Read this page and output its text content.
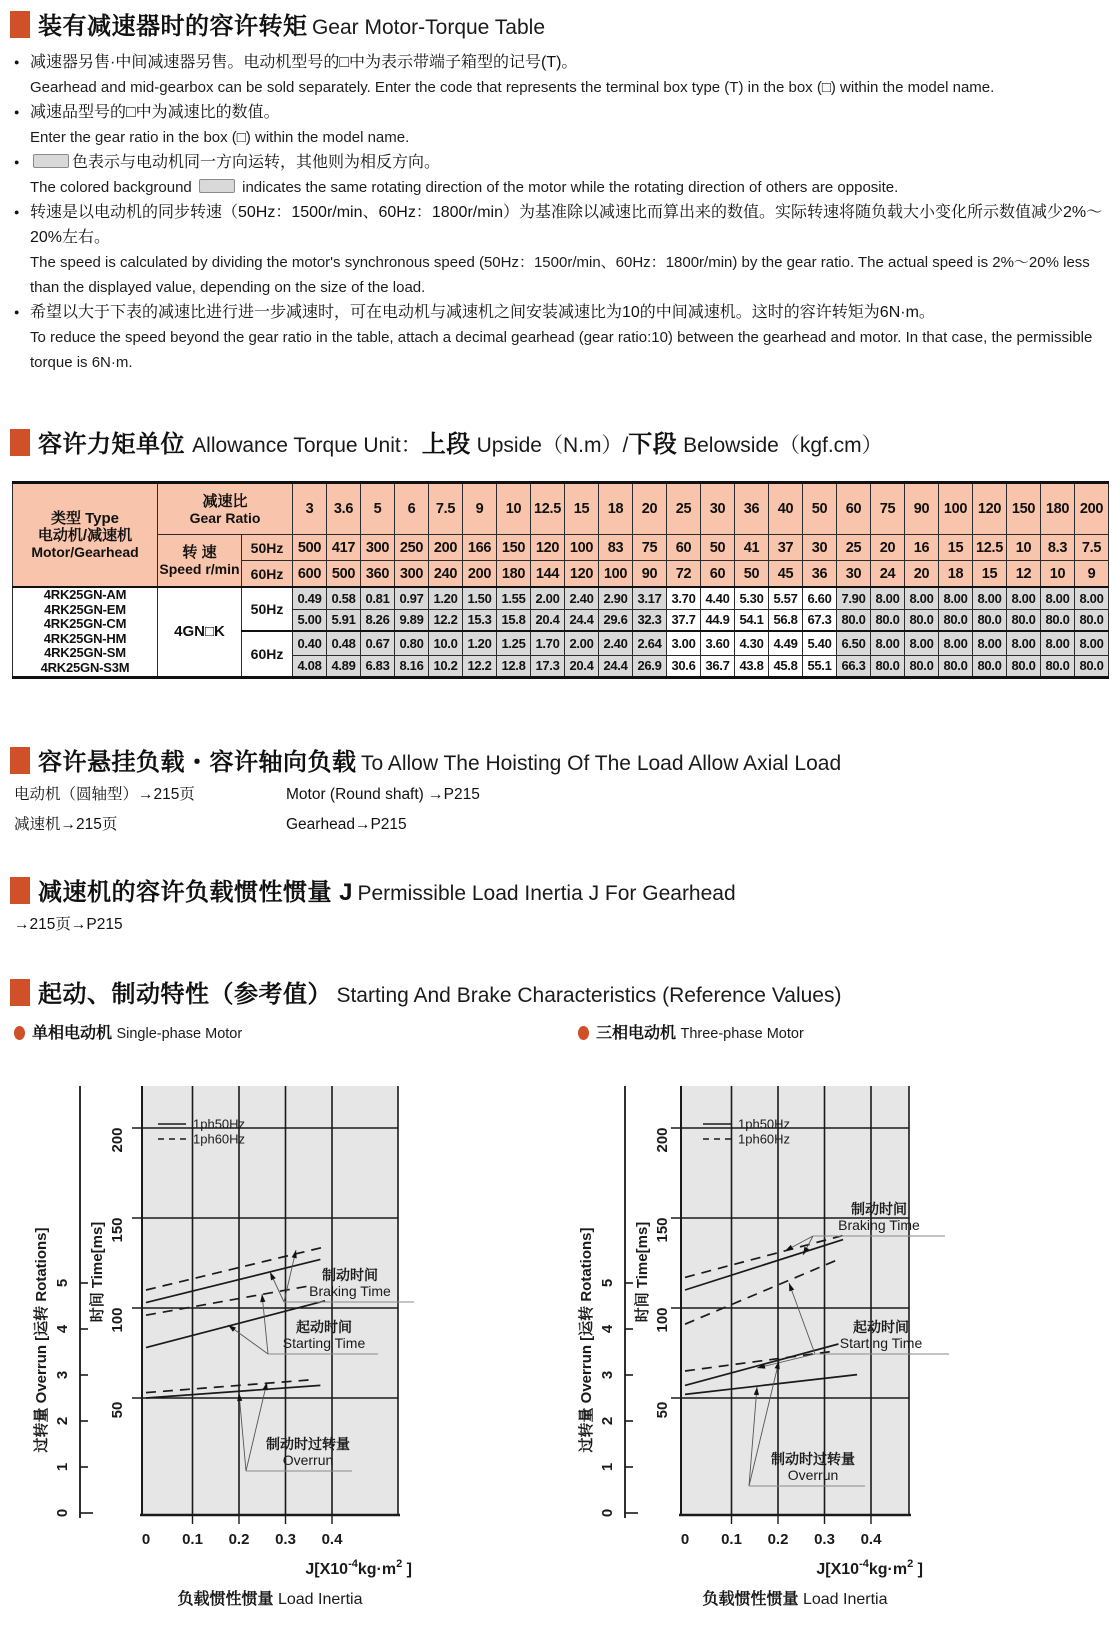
装有减速器时的容许转矩 Gear Motor-Torque Table
● 减速器另售·中间减速器另售。电动机型号的□中为表示带端子箱型的记号(T)。
Gearhead and mid-gearbox can be sold separately. Enter the code that represents the terminal box type (T) in the box (□) within the model name.
● 减速品型号的□中为减速比的数值。
Enter the gear ratio in the box (□) within the model name.
●	色表示与电动机同一方向运转，其他则为相反方向。
The colored background	indicates the same rotating direction of the motor while the rotating direction of others are opposite.
● 转速是以电动机的同步转速（50Hz：1500r/min、60Hz：1800r/min）为基准除以减速比而算出来的数值。实际转速将随负载大小变化所示数值减少2%～20%左右。
The speed is calculated by dividing the motor's synchronous speed (50Hz：1500r/min、60Hz：1800r/min) by the gear ratio. The actual speed is 2%～20% less than the displayed value, depending on the size of the load.
● 希望以大于下表的减速比进行进一步减速时，可在电动机与减速机之间安装减速比为10的中间减速机。这时的容许转矩为6N·m。
To reduce the speed beyond the gear ratio in the table, attach a decimal gearhead (gear ratio:10) between the gearhead and motor. In that case, the permissible torque is 6N·m.
容许力矩单位 Allowance Torque Unit：上段 Upside（N.m）/下段 Belowside（kgf.cm）
类型 Type
电动机/减速机
Motor/Gearhead

减速比
Gear Ratio
	3	3.6	5	6	7.5	9	10	12.5	15	18	20	25	30	36	40	50	60	75	90	100	120	150	180	200

	转 速
Speed r/min	50Hz	500	417	300	250	200	166	150	120	100	83	75	60	50	41	37	30	25	20	16	15	12.5	10	8.3	7.5
		60Hz	600	500	360	300	240	200	180	144	120	100	90	72	60	50	45	36	30	24	20	18	15	12	10	9

4RK25GN-AM
4RK25GN-EM
4RK25GN-CM
4RK25GN-HM
4RK25GN-SM
4RK25GN-S3M
	4GN□K	50Hz	0.49	0.58	0.81	0.97	1.20	1.50	1.55	2.00	2.40	2.90	3.17	3.70	4.40	5.30	5.57	6.60	7.90	8.00	8.00	8.00	8.00	8.00	8.00	8.00
			5.00	5.91	8.26	9.89	12.2	15.3	15.8	20.4	24.4	29.6	32.3	37.7	44.9	54.1	56.8	67.3	80.0	80.0	80.0	80.0	80.0	80.0	80.0	80.0
		60Hz	0.40	0.48	0.67	0.80	10.0	1.20	1.25	1.70	2.00	2.40	2.64	3.00	3.60	4.30	4.49	5.40	6.50	8.00	8.00	8.00	8.00	8.00	8.00	8.00
			4.08	4.89	6.83	8.16	10.2	12.2	12.8	17.3	20.4	24.4	26.9	30.6	36.7	43.8	45.8	55.1	66.3	80.0	80.0	80.0	80.0	80.0	80.0	80.0
容许悬挂负载・容许轴向负载 To Allow The Hoisting Of The Load Allow Axial Load
电动机（圆轴型）→215页	Motor (Round shaft) →P215
减速机→215页	Gearhead→P215
减速机的容许负载惯性惯量 J Permissible Load Inertia J For Gearhead
→215页→P215
起动、制动特性（参考值） Starting And Brake Characteristics (Reference Values)
单相电动机 Single-phase Motor	三相电动机 Three-phase Motor
1ph50Hz
1ph60Hz
制动时间
Braking Time
起动时间
Starting Time
制动时过转量
Overrun
0
1
2
3
4
5
过转量 Overrun [运转 Rotations]	时间 Time[ms]
50
100
150
200
0 0.1 0.2 0.3 0.4
$J[X10^{-4}kg\cdot m^2$ ]
负载惯性惯量 Load Inertia
1ph50Hz
1ph60Hz
制动时间
Braking Time
起动时间
Starting Time
制动时过转量
Overrun
0
1
2
3
4
5
过转量 Overrun [运转 Rotations]	时间 Time[ms]
50
100
150
200
0 0.1 0.2 0.3 0.4
$J[X10^{-4}kg\cdot m^2$ ]
负载惯性惯量 Load Inertia
